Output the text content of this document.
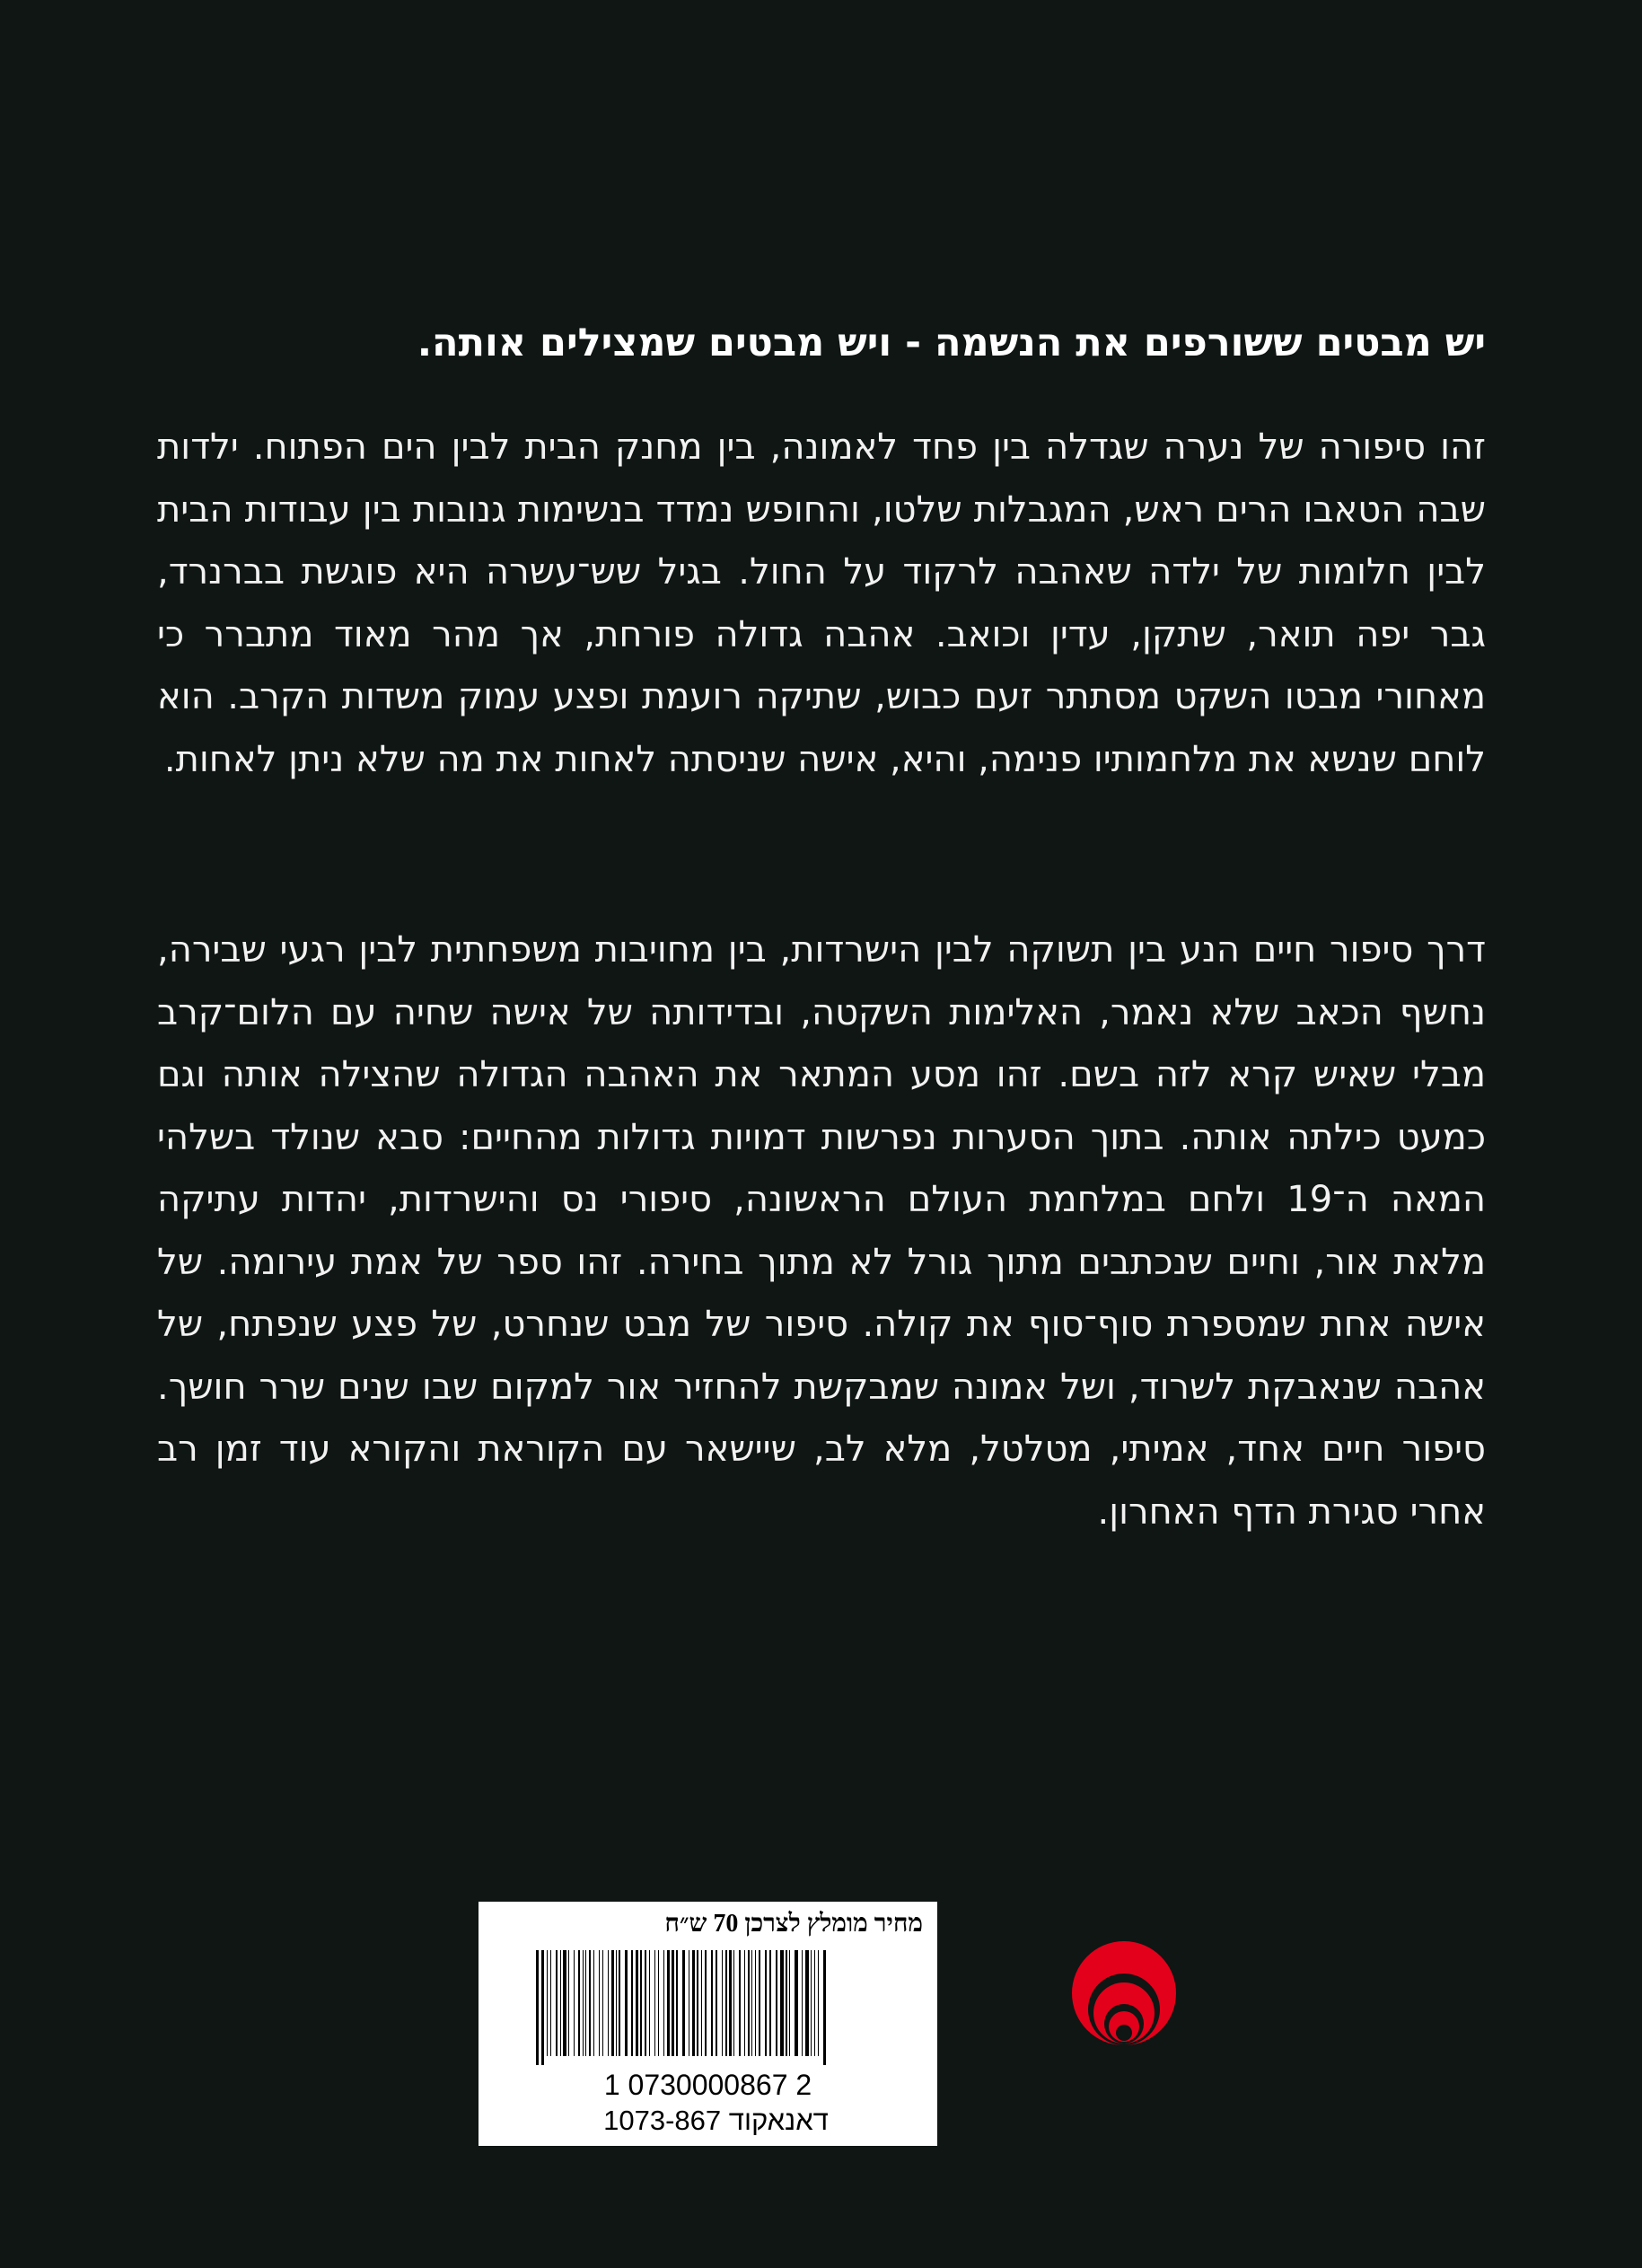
יש מבטים ששורפים את הנשמה - ויש מבטים שמצילים אותה.

זהו סיפורה של נערה שגדלה בין פחד לאמונה, בין מחנק הבית לבין הים הפתוח. ילדות שבה הטאבו הרים ראש, המגבלות שלטו, והחופש נמדד בנשימות גנובות בין עבודות הבית לבין חלומות של ילדה שאהבה לרקוד על החול. בגיל שש־עשרה היא פוגשת בברנרד, גבר יפה תואר, שתקן, עדין וכואב. אהבה גדולה פורחת, אך מהר מאוד מתברר כי מאחורי מבטו השקט מסתתר זעם כבוש, שתיקה רועמת ופצע עמוק משדות הקרב. הוא לוחם שנשא את מלחמותיו פנימה, והיא, אישה שניסתה לאחות את מה שלא ניתן לאחות.

דרך סיפור חיים הנע בין תשוקה לבין הישרדות, בין מחויבות משפחתית לבין רגעי שבירה, נחשף הכאב שלא נאמר, האלימות השקטה, ובדידותה של אישה שחיה עם הלום־קרב מבלי שאיש קרא לזה בשם. זהו מסע המתאר את האהבה הגדולה שהצילה אותה וגם כמעט כילתה אותה. בתוך הסערות נפרשות דמויות גדולות מהחיים: סבא שנולד בשלהי המאה ה־19 ולחם במלחמת העולם הראשונה, סיפורי נס והישרדות, יהדות עתיקה מלאת אור, וחיים שנכתבים מתוך גורל לא מתוך בחירה. זהו ספר של אמת עירומה. של אישה אחת שמספרת סוף־סוף את קולה. סיפור של מבט שנחרט, של פצע שנפתח, של אהבה שנאבקת לשרוד, ושל אמונה שמבקשת להחזיר אור למקום שבו שנים שרר חושך. סיפור חיים אחד, אמיתי, מטלטל, מלא לב, שיישאר עם הקוראת והקורא עוד זמן רב אחרי סגירת הדף האחרון.

מחיר מומלץ לצרכן 70 ש״ח
1 0730000867 2
דאנאקוד 1073-867
